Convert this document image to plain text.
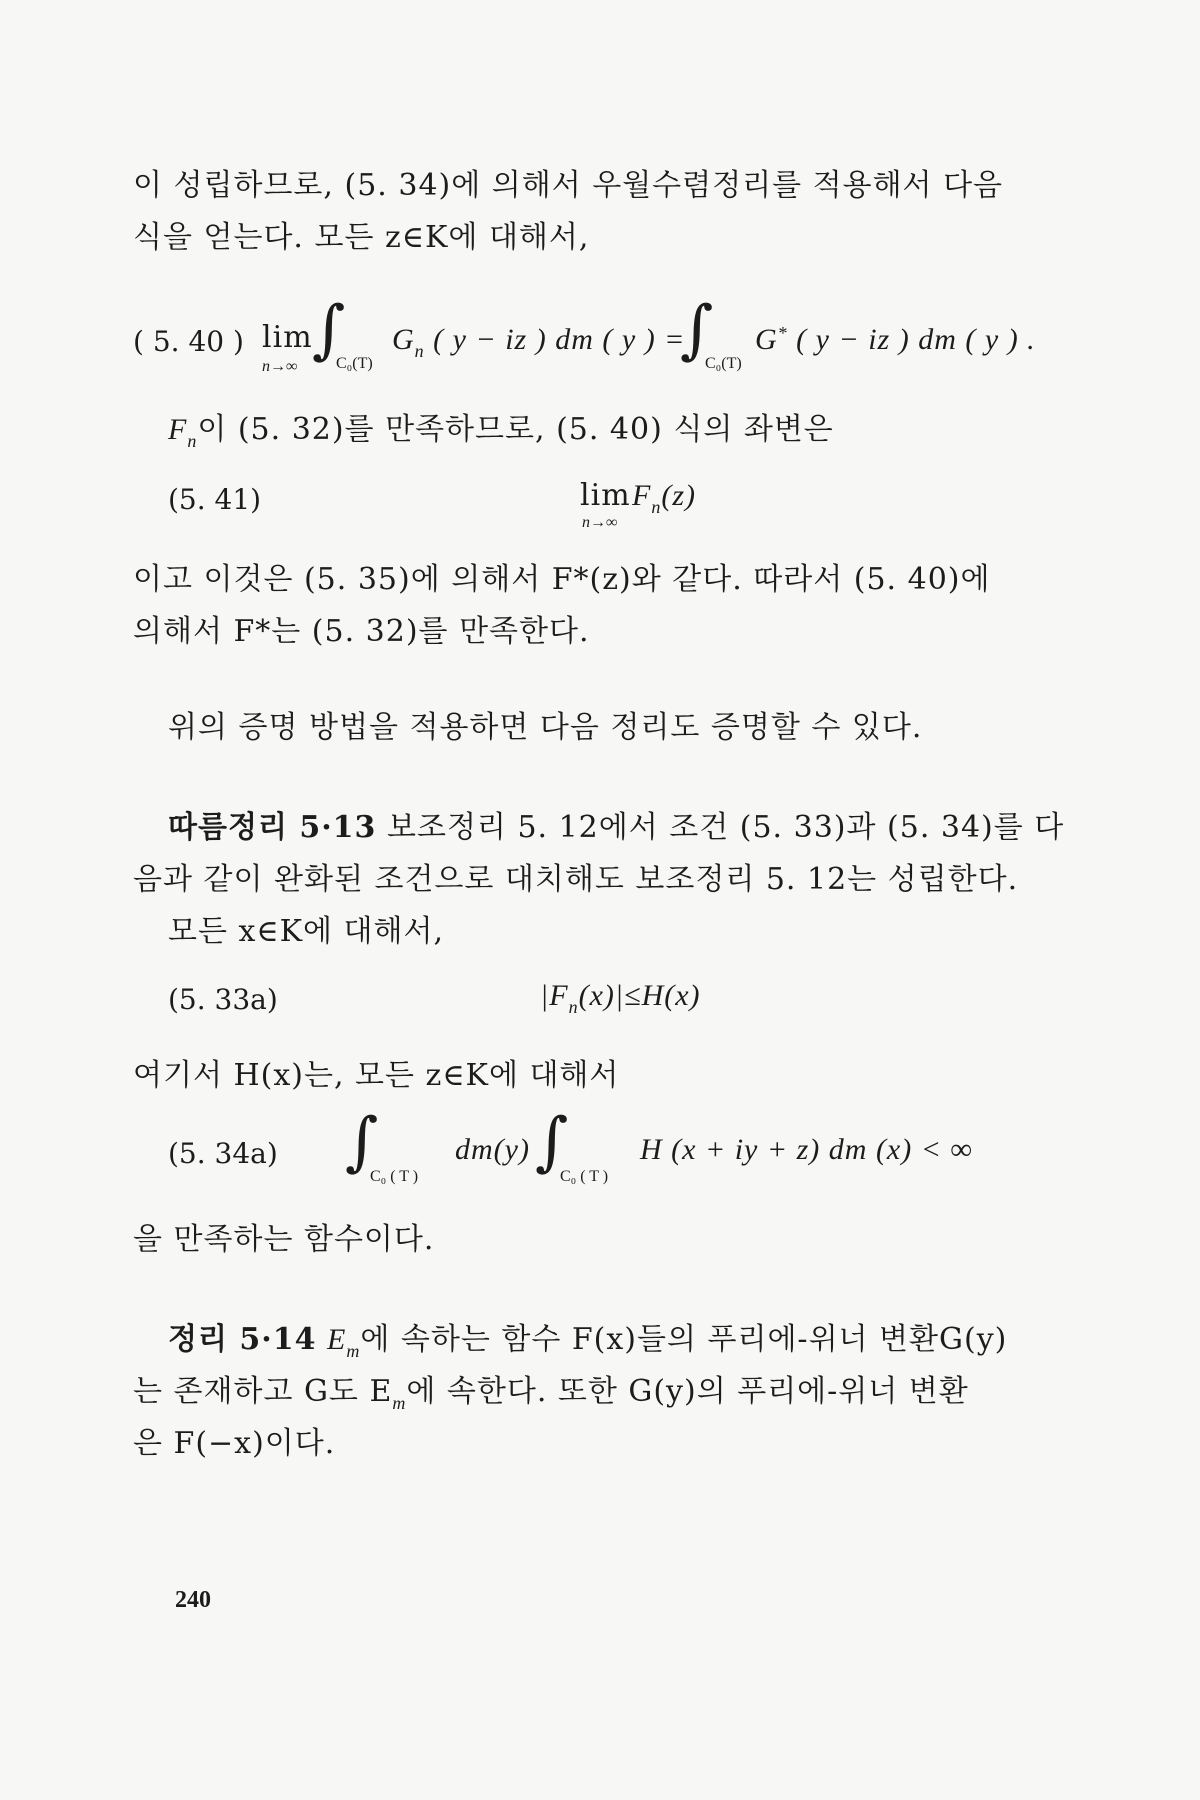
이 성립하므로, (5. 34)에 의해서 우월수렴정리를 적용해서 다음
식을 얻는다. 모든 z∈K에 대해서,
( 5. 40 ) lim
n→∞ ∫
C₀(T)
$G_n$ ( y − iz ) dm ( y ) =
∫
C₀(T)
G* ( y − iz ) dm ( y ) .
$F_n$이 (5. 32)를 만족하므로, (5. 40) 식의 좌변은
(5. 41)	lim
n→∞
$F_n(z)$
이고 이것은 (5. 35)에 의해서 F*(z)와 같다. 따라서 (5. 40)에
의해서 F*는 (5. 32)를 만족한다.
위의 증명 방법을 적용하면 다음 정리도 증명할 수 있다.
따름정리 5·13 보조정리 5. 12에서 조건 (5. 33)과 (5. 34)를 다
음과 같이 완화된 조건으로 대치해도 보조정리 5. 12는 성립한다.
모든 x∈K에 대해서,
(5. 33a)	$|F_n(x)|\le H(x)$
여기서 H(x)는, 모든 z∈K에 대해서
(5. 34a) ∫
C₀ ( T )
dm(y) ∫
C₀ ( T )
H (x + iy + z) dm (x) < ∞
을 만족하는 함수이다.
정리 5·14 $E_m$에 속하는 함수 F(x)들의 푸리에-위너 변환G(y)
는 존재하고 G도 $E_m$에 속한다. 또한 G(y)의 푸리에-위너 변환
은 F(−x)이다.
240
